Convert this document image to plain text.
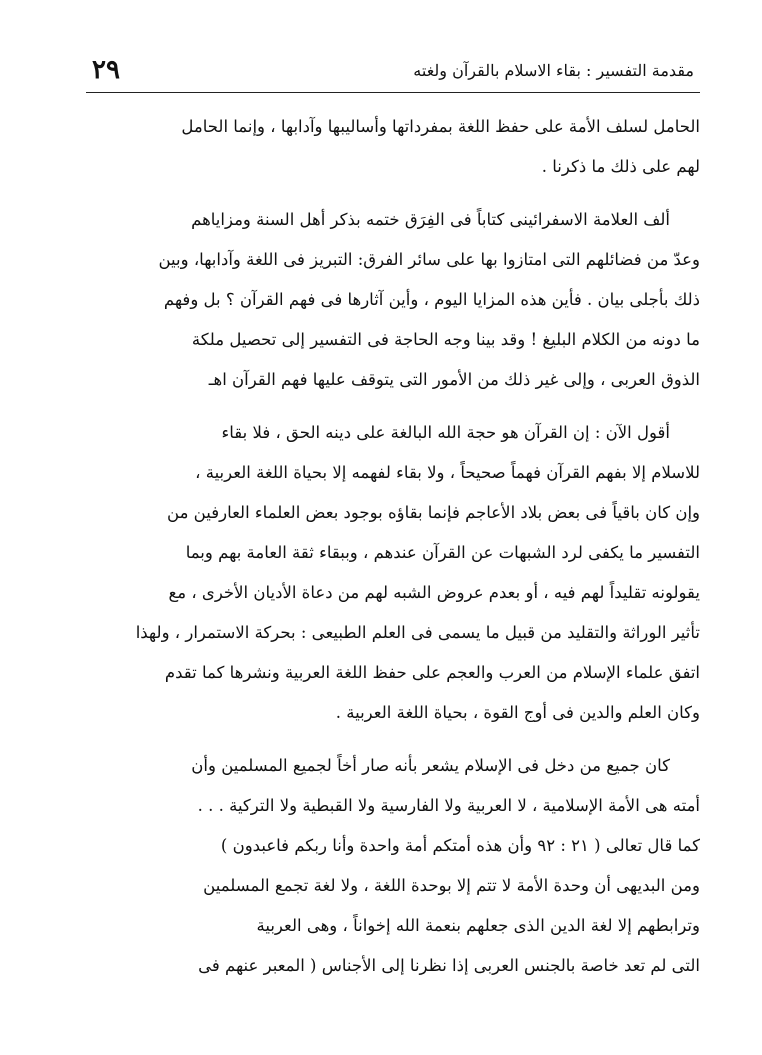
مقدمة التفسير : بقاء الاسلام بالقرآن ولغته
٢٩

الحامل لسلف الأمة على حفظ اللغة بمفرداتها وأساليبها وآدابها ، وإنما الحامل

لهم على ذلك ما ذكرنا .

ألف العلامة الاسفرائينى كتاباً فى الفِرَق ختمه بذكر أهل السنة ومزاياهم

وعدّ من فضائلهم التى امتازوا بها على سائر الفرق: التبريز فى اللغة وآدابها، وبين

ذلك بأجلى بيان . فأين هذه المزايا اليوم ، وأين آثارها فى فهم القرآن ؟ بل وفهم

ما دونه من الكلام البليغ ! وقد بينا وجه الحاجة فى التفسير إلى تحصيل ملكة

الذوق العربى ، وإلى غير ذلك من الأمور التى يتوقف عليها فهم القرآن اهـ

أقول الآن : إن القرآن هو حجة الله البالغة على دينه الحق ، فلا بقاء

للاسلام إلا بفهم القرآن فهماً صحيحاً ، ولا بقاء لفهمه إلا بحياة اللغة العربية ،

وإن كان باقياً فى بعض بلاد الأعاجم فإنما بقاؤه بوجود بعض العلماء العارفين من

التفسير ما يكفى لرد الشبهات عن القرآن عندهم ، وببقاء ثقة العامة بهم وبما

يقولونه تقليداً لهم فيه ، أو بعدم عروض الشبه لهم من دعاة الأديان الأخرى ، مع

تأثير الوراثة والتقليد من قبيل ما يسمى فى العلم الطبيعى : بحركة الاستمرار ، ولهذا

اتفق علماء الإسلام من العرب والعجم على حفظ اللغة العربية ونشرها كما تقدم

وكان العلم والدين فى أوج القوة ، بحياة اللغة العربية .

كان جميع من دخل فى الإسلام يشعر بأنه صار أخاً لجميع المسلمين وأن

أمته هى الأمة الإسلامية ، لا العربية ولا الفارسية ولا القبطية ولا التركية . . .

كما قال تعالى ( ٢١ : ٩٢ وأن هذه أمتكم أمة واحدة وأنا ربكم فاعبدون )

ومن البديهى أن وحدة الأمة لا تتم إلا بوحدة اللغة ، ولا لغة تجمع المسلمين

وترابطهم إلا لغة الدين الذى جعلهم بنعمة الله إخواناً ، وهى العربية

التى لم تعد خاصة بالجنس العربى إذا نظرنا إلى الأجناس ( المعبر عنهم فى
